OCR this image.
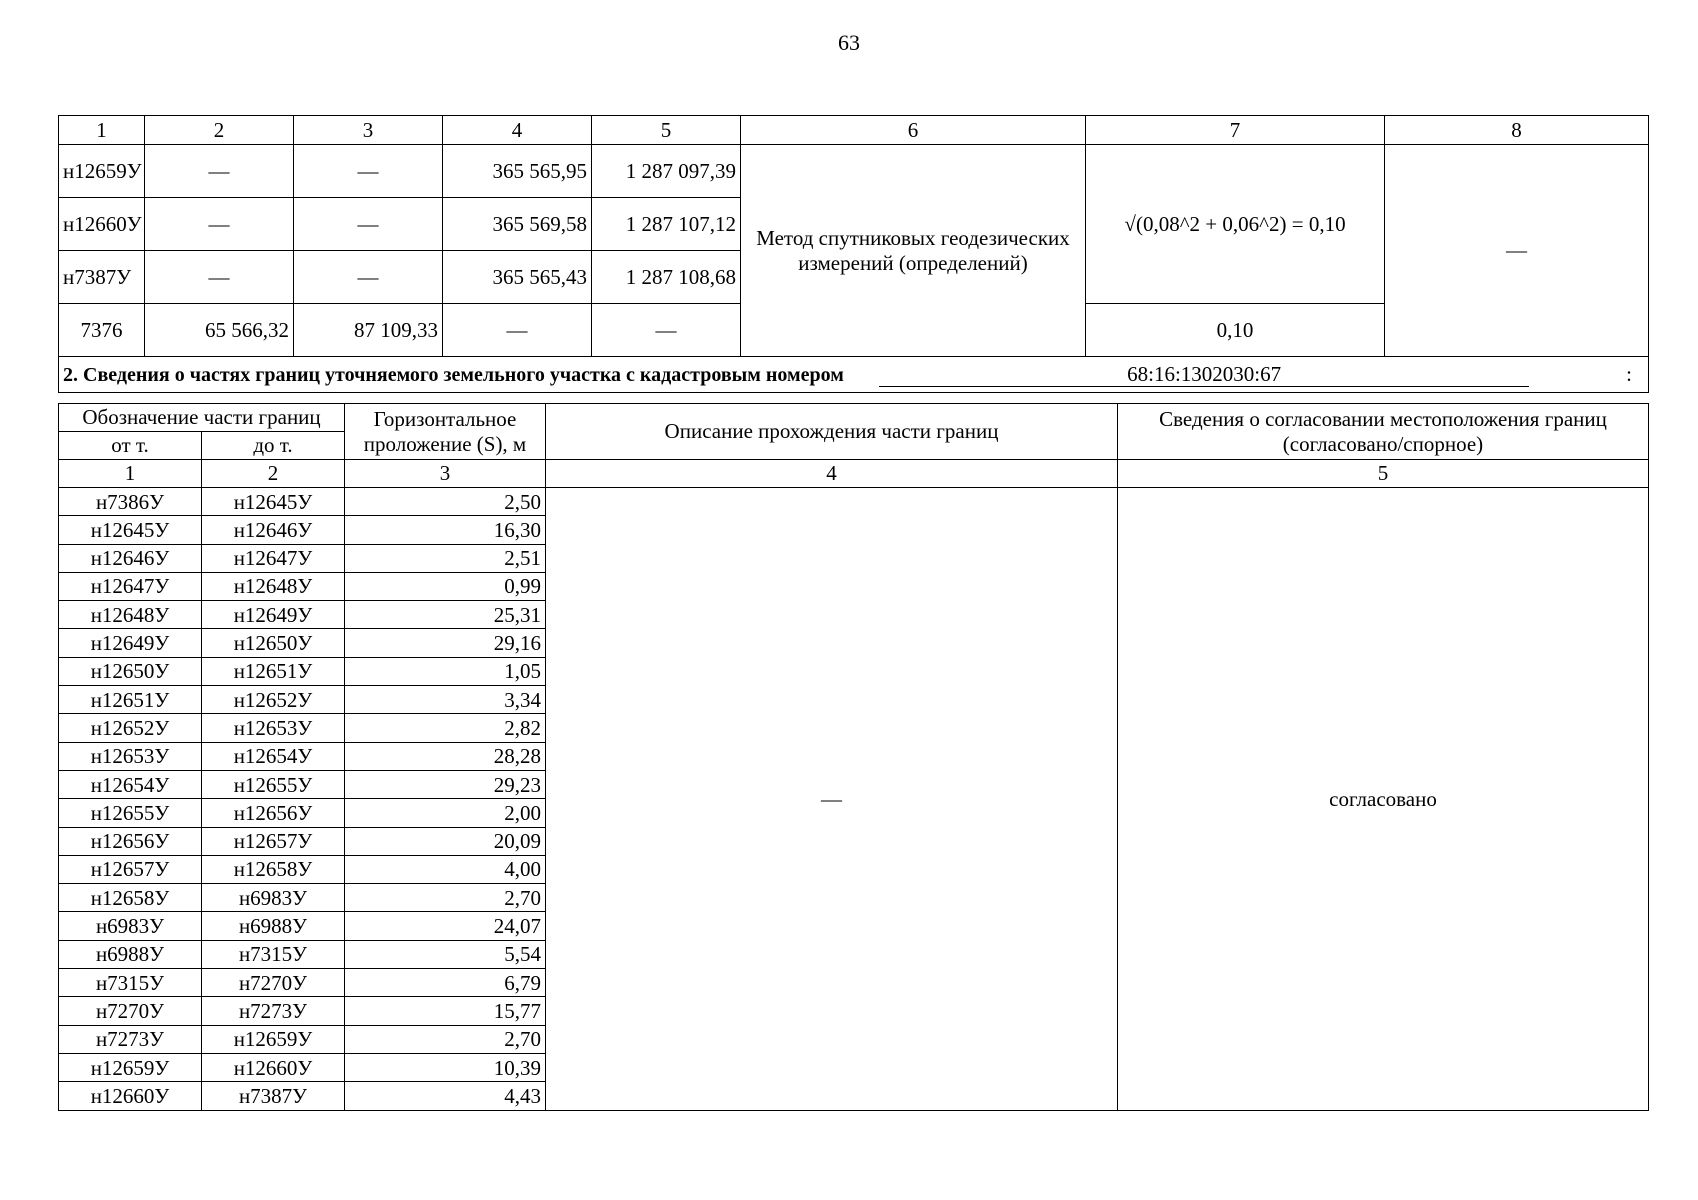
63
1	2	3	4	5	6	7	8
н12659У	—	—	365 565,95	1 287 097,39	Метод спутниковых геодезических измерений (определений)	√(0,08^2 + 0,06^2) = 0,10	—
н12660У	—	—	365 569,58	1 287 107,12			
н7387У	—	—	365 565,43	1 287 108,68			
7376	65 566,32	87 109,33	—	—		0,10	
2. Сведения о частях границ уточняемого земельного участка с кадастровым номером 68:16:1302030:67 :							
Обозначение части границ		Горизонтальное проложение (S), м	Описание прохождения части границ	Сведения о согласовании местоположения границ (согласовано/спорное)
от т.	до т.			
1	2	3	4	5
н7386У	н12645У	2,50	—	согласовано
н12645У	н12646У	16,30		
н12646У	н12647У	2,51		
н12647У	н12648У	0,99		
н12648У	н12649У	25,31		
н12649У	н12650У	29,16		
н12650У	н12651У	1,05		
н12651У	н12652У	3,34		
н12652У	н12653У	2,82		
н12653У	н12654У	28,28		
н12654У	н12655У	29,23		
н12655У	н12656У	2,00		
н12656У	н12657У	20,09		
н12657У	н12658У	4,00		
н12658У	н6983У	2,70		
н6983У	н6988У	24,07		
н6988У	н7315У	5,54		
н7315У	н7270У	6,79		
н7270У	н7273У	15,77		
н7273У	н12659У	2,70		
н12659У	н12660У	10,39		
н12660У	н7387У	4,43		
